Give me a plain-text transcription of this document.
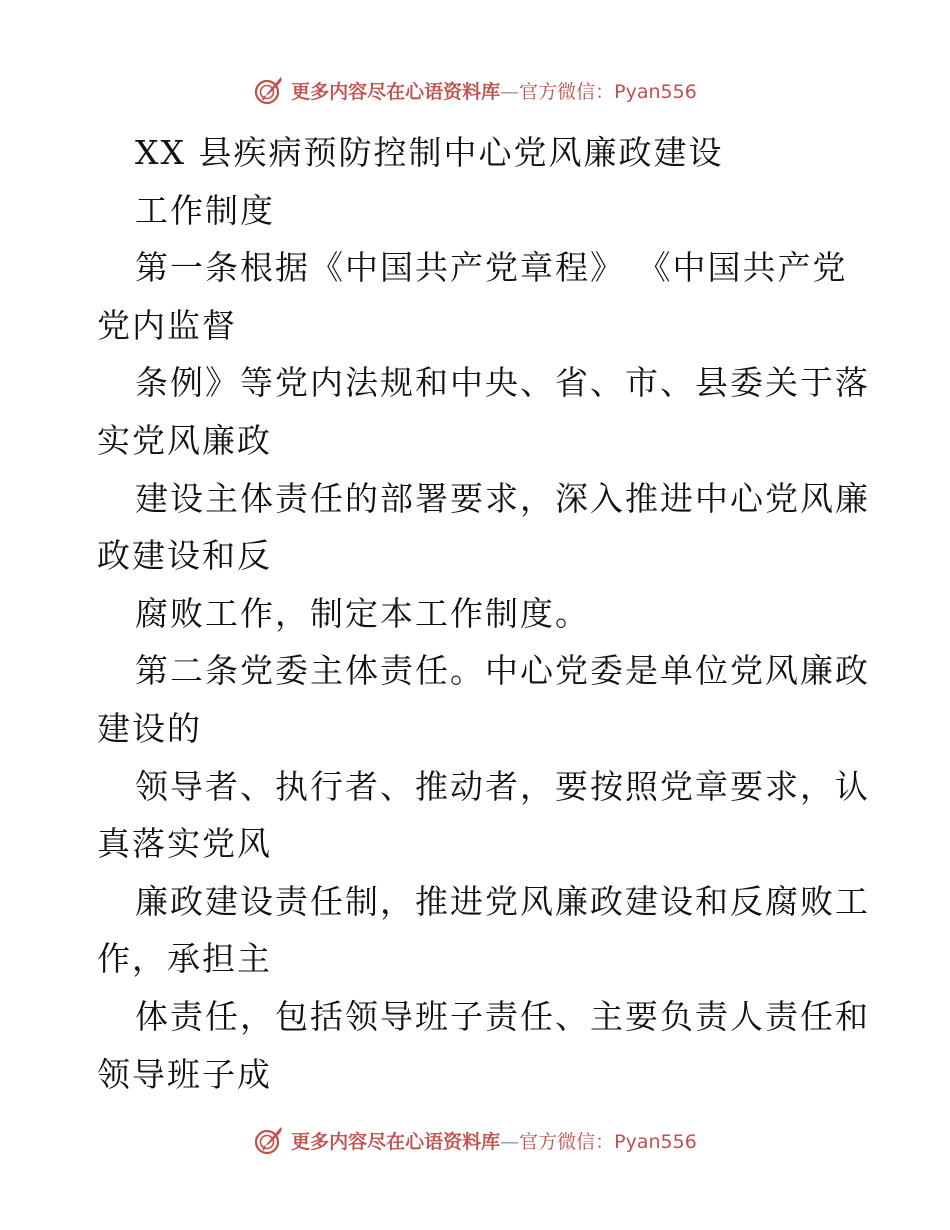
更多内容尽在心语资料库—官方微信：Pyan556
XX 县疾病预防控制中心党风廉政建设
工作制度
第一条根据《中国共产党章程》 《中国共产党
党内监督
条例》等党内法规和中央、省、市、县委关于落
实党风廉政
建设主体责任的部署要求，深入推进中心党风廉
政建设和反
腐败工作，制定本工作制度。
第二条党委主体责任。中心党委是单位党风廉政
建设的
领导者、执行者、推动者，要按照党章要求，认
真落实党风
廉政建设责任制，推进党风廉政建设和反腐败工
作，承担主
体责任，包括领导班子责任、主要负责人责任和
领导班子成
更多内容尽在心语资料库—官方微信：Pyan556
